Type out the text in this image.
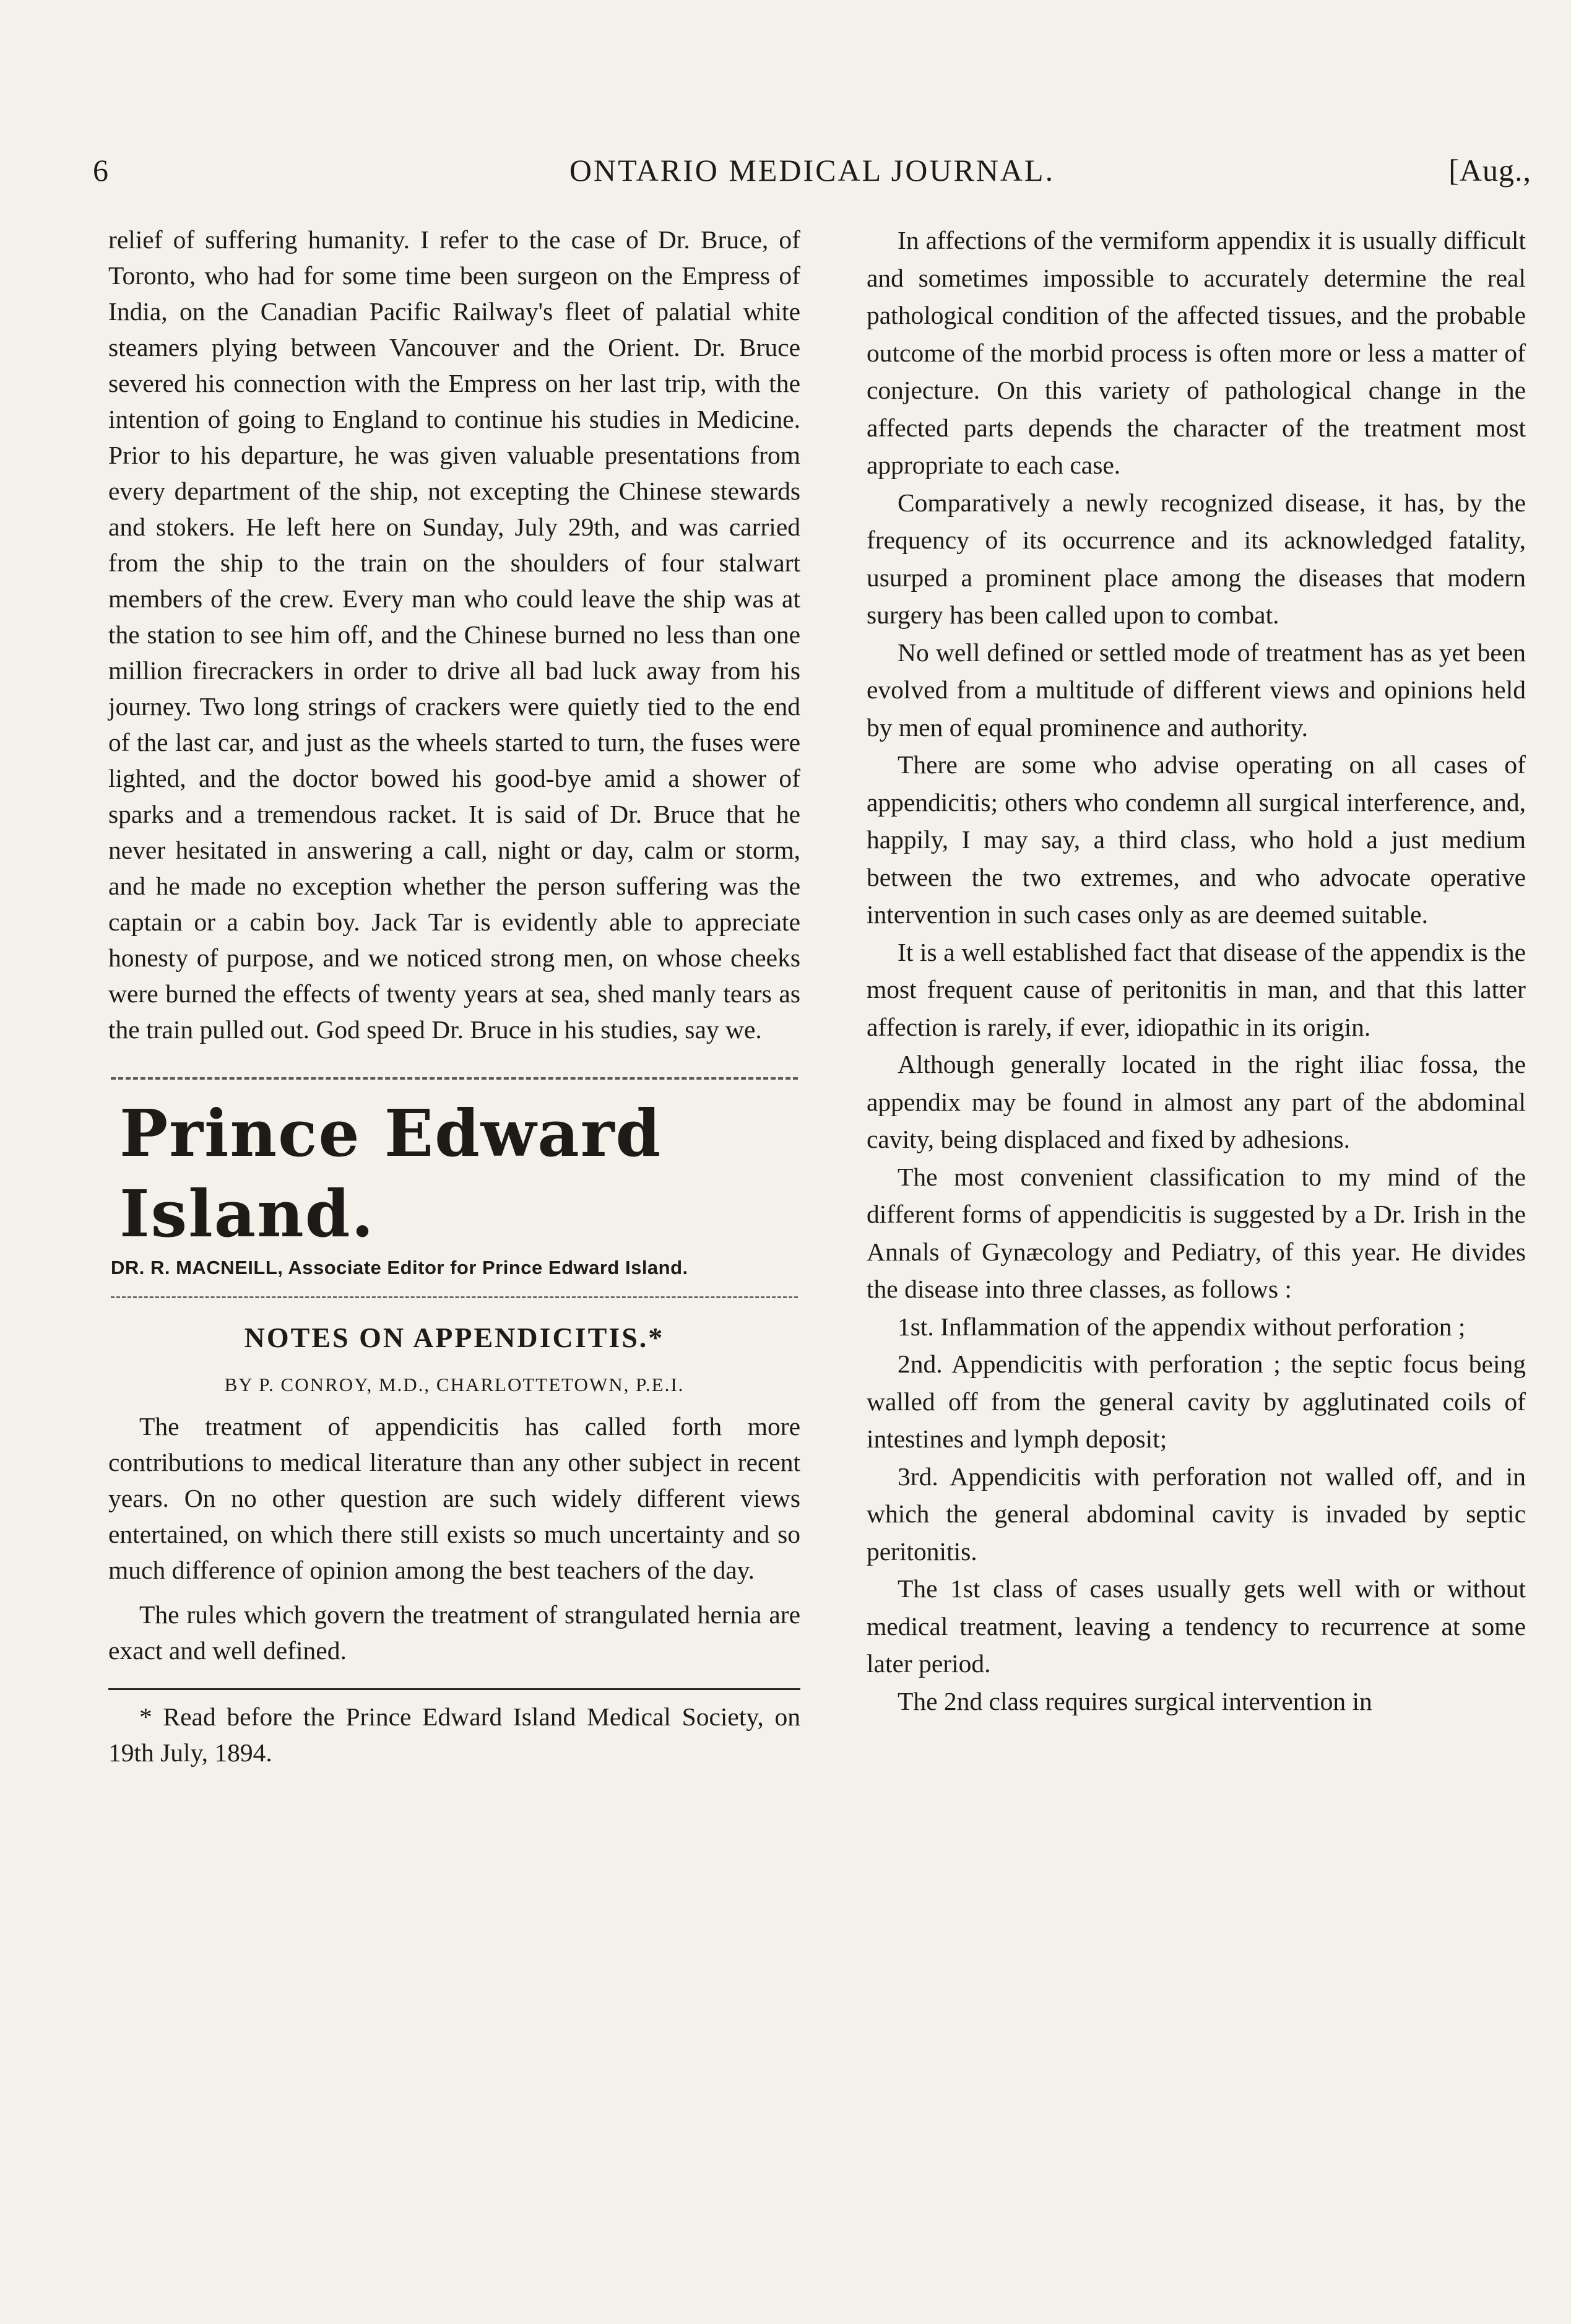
6	ONTARIO MEDICAL JOURNAL.	[Aug.,

relief of suffering humanity. I refer to the case of Dr. Bruce, of Toronto, who had for some time been surgeon on the Empress of India, on the Canadian Pacific Railway's fleet of palatial white steamers plying between Vancouver and the Orient. Dr. Bruce severed his connection with the Empress on her last trip, with the intention of going to England to continue his studies in Medicine. Prior to his departure, he was given valuable presentations from every department of the ship, not excepting the Chinese stewards and stokers. He left here on Sunday, July 29th, and was carried from the ship to the train on the shoulders of four stalwart members of the crew. Every man who could leave the ship was at the station to see him off, and the Chinese burned no less than one million firecrackers in order to drive all bad luck away from his journey. Two long strings of crackers were quietly tied to the end of the last car, and just as the wheels started to turn, the fuses were lighted, and the doctor bowed his good-bye amid a shower of sparks and a tremendous racket. It is said of Dr. Bruce that he never hesitated in answering a call, night or day, calm or storm, and he made no exception whether the person suffering was the captain or a cabin boy. Jack Tar is evidently able to appreciate honesty of purpose, and we noticed strong men, on whose cheeks were burned the effects of twenty years at sea, shed manly tears as the train pulled out. God speed Dr. Bruce in his studies, say we.

Prince Edward Island.
DR. R. MACNEILL, Associate Editor for Prince Edward Island.
NOTES ON APPENDICITIS.*
BY P. CONROY, M.D., CHARLOTTETOWN, P.E.I.

The treatment of appendicitis has called forth more contributions to medical literature than any other subject in recent years. On no other question are such widely different views entertained, on which there still exists so much uncertainty and so much difference of opinion among the best teachers of the day.

The rules which govern the treatment of strangulated hernia are exact and well defined.

* Read before the Prince Edward Island Medical Society, on 19th July, 1894.

In affections of the vermiform appendix it is usually difficult and sometimes impossible to accurately determine the real pathological condition of the affected tissues, and the probable outcome of the morbid process is often more or less a matter of conjecture. On this variety of pathological change in the affected parts depends the character of the treatment most appropriate to each case.

Comparatively a newly recognized disease, it has, by the frequency of its occurrence and its acknowledged fatality, usurped a prominent place among the diseases that modern surgery has been called upon to combat.

No well defined or settled mode of treatment has as yet been evolved from a multitude of different views and opinions held by men of equal prominence and authority.

There are some who advise operating on all cases of appendicitis; others who condemn all surgical interference, and, happily, I may say, a third class, who hold a just medium between the two extremes, and who advocate operative intervention in such cases only as are deemed suitable.

It is a well established fact that disease of the appendix is the most frequent cause of peritonitis in man, and that this latter affection is rarely, if ever, idiopathic in its origin.

Although generally located in the right iliac fossa, the appendix may be found in almost any part of the abdominal cavity, being displaced and fixed by adhesions.

The most convenient classification to my mind of the different forms of appendicitis is suggested by a Dr. Irish in the Annals of Gynæcology and Pediatry, of this year. He divides the disease into three classes, as follows :

1st. Inflammation of the appendix without perforation ;

2nd. Appendicitis with perforation ; the septic focus being walled off from the general cavity by agglutinated coils of intestines and lymph deposit;

3rd. Appendicitis with perforation not walled off, and in which the general abdominal cavity is invaded by septic peritonitis.

The 1st class of cases usually gets well with or without medical treatment, leaving a tendency to recurrence at some later period.

The 2nd class requires surgical intervention in
